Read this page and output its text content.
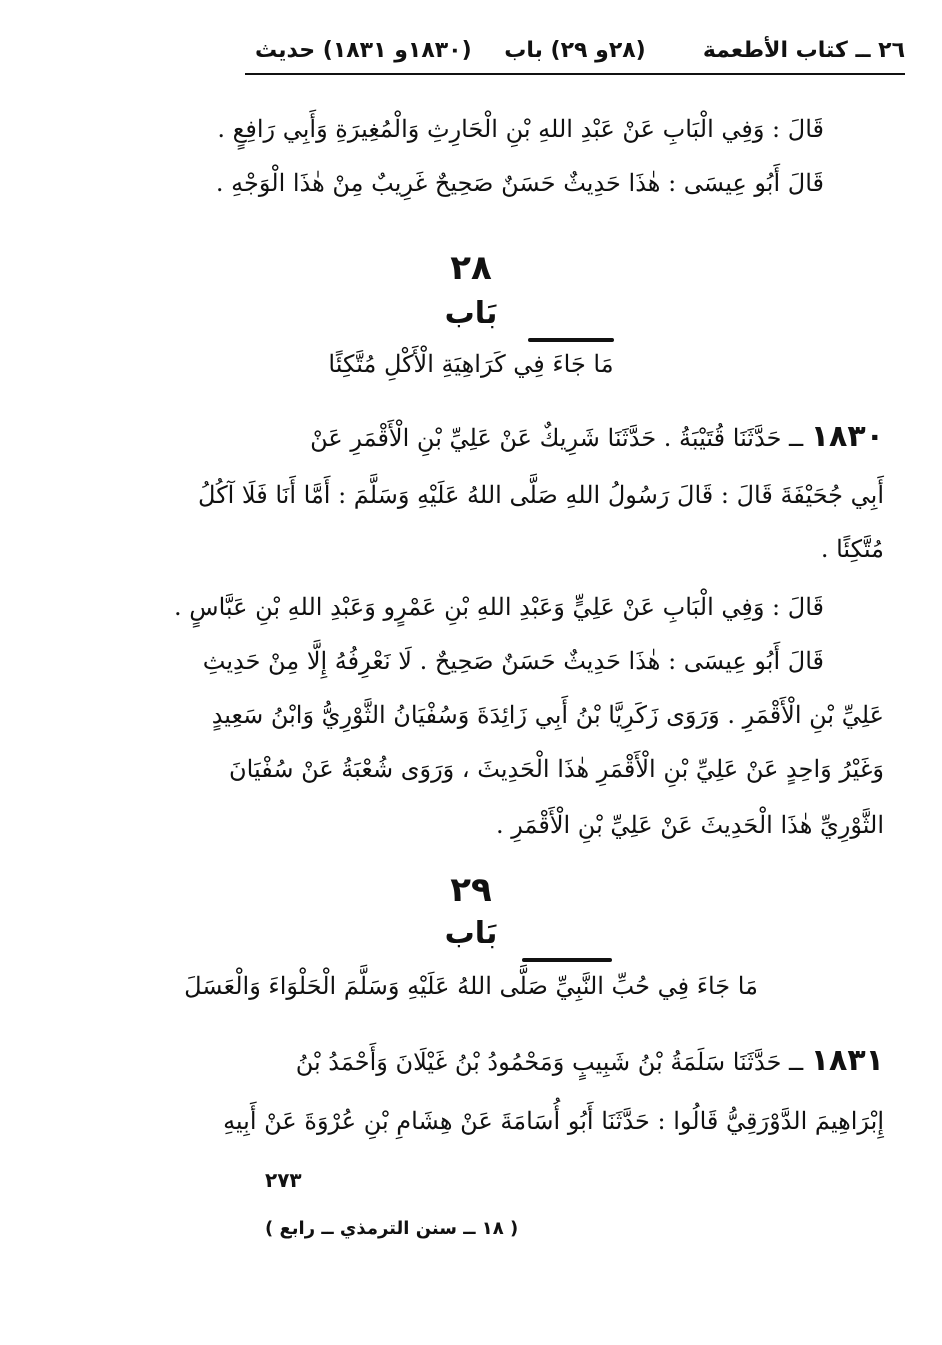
٢٦ ــ كتاب الأطعمة
(٢٨و ٢٩) باب
(١٨٣٠و ١٨٣١) حديث
قَالَ : وَفِي الْبَابِ عَنْ عَبْدِ اللهِ بْنِ الْحَارِثِ وَالْمُغِيرَةِ وَأَبِي رَافِعٍ .
قَالَ أَبُو عِيسَى : هٰذَا حَدِيثٌ حَسَنٌ صَحِيحٌ غَرِيبٌ مِنْ هٰذَا الْوَجْهِ .
٢٨
بَاب
مَا جَاءَ فِي كَرَاهِيَةِ الْأَكْلِ مُتَّكِئًا
١٨٣٠ ــ حَدَّثَنَا قُتَيْبَةُ . حَدَّثَنَا شَرِيكٌ عَنْ عَلِيِّ بْنِ الْأَقْمَرِ عَنْ
أَبِي جُحَيْفَةَ قَالَ : قَالَ رَسُولُ اللهِ صَلَّى اللهُ عَلَيْهِ وَسَلَّمَ : أَمَّا أَنَا فَلَا آكُلُ
مُتَّكِئًا .
قَالَ : وَفِي الْبَابِ عَنْ عَلِيٍّ وَعَبْدِ اللهِ بْنِ عَمْرٍو وَعَبْدِ اللهِ بْنِ عَبَّاسٍ .
قَالَ أَبُو عِيسَى : هٰذَا حَدِيثٌ حَسَنٌ صَحِيحٌ . لَا نَعْرِفُهُ إِلَّا مِنْ حَدِيثِ
عَلِيِّ بْنِ الْأَقْمَرِ . وَرَوَى زَكَرِيَّا بْنُ أَبِي زَائِدَةَ وَسُفْيَانُ الثَّوْرِيُّ وَابْنُ سَعِيدٍ
وَغَيْرُ وَاحِدٍ عَنْ عَلِيِّ بْنِ الْأَقْمَرِ هٰذَا الْحَدِيثَ ، وَرَوَى شُعْبَةُ عَنْ سُفْيَانَ
الثَّوْرِيِّ هٰذَا الْحَدِيثَ عَنْ عَلِيِّ بْنِ الْأَقْمَرِ .
٢٩
بَاب
مَا جَاءَ فِي حُبِّ النَّبِيِّ صَلَّى اللهُ عَلَيْهِ وَسَلَّمَ الْحَلْوَاءَ وَالْعَسَلَ
١٨٣١ ــ حَدَّثَنَا سَلَمَةُ بْنُ شَبِيبٍ وَمَحْمُودُ بْنُ غَيْلَانَ وَأَحْمَدُ بْنُ
إِبْرَاهِيمَ الدَّوْرَقِيُّ قَالُوا : حَدَّثَنَا أَبُو أُسَامَةَ عَنْ هِشَامِ بْنِ عُرْوَةَ عَنْ أَبِيهِ
٢٧٣
( ١٨ ــ سنن الترمذي ــ رابع )
